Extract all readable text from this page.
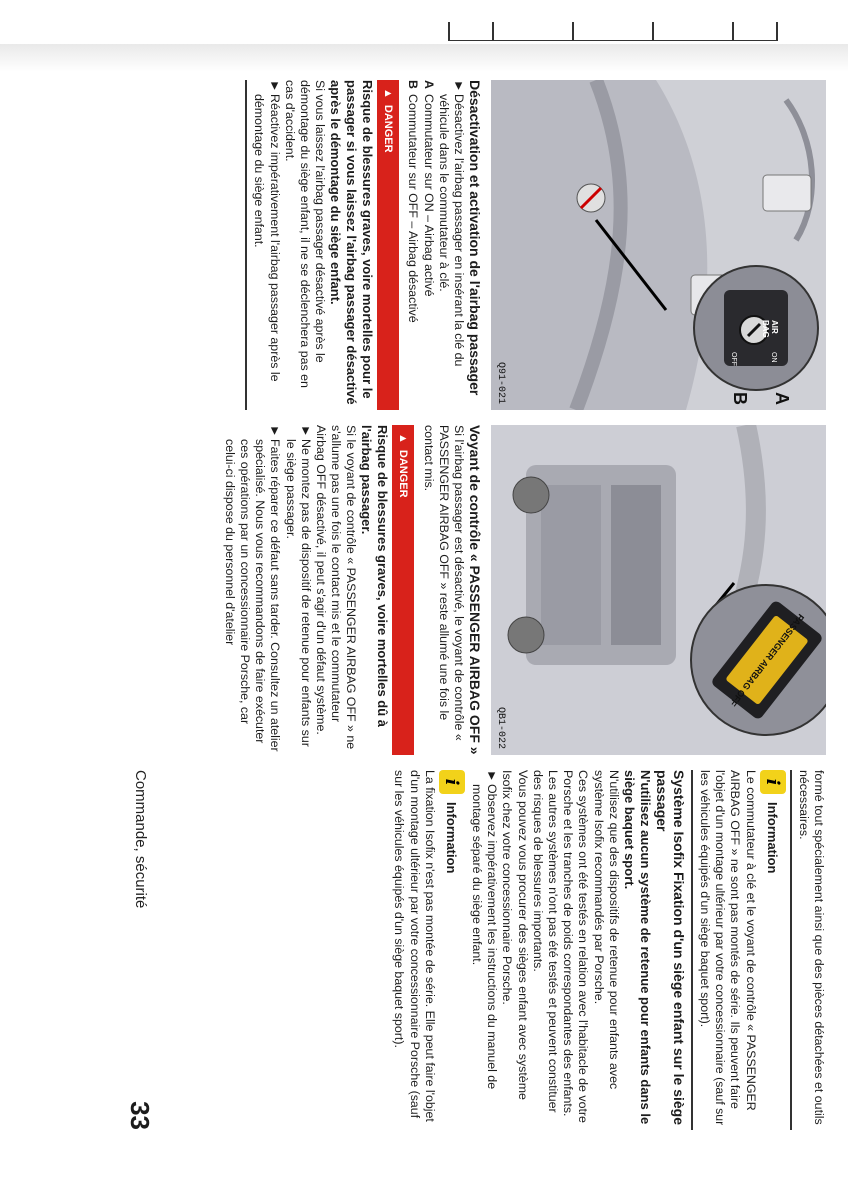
AIR
BAG
ON
OFF
A
B
Q91-021

Désactivation et activation de l'airbag passager

►
Désactivez l'airbag passager en insérant la clé du véhicule dans le commutateur à clé.
A
Commutateur sur ON – Airbag activé
B
Commutateur sur OFF – Airbag désactivé
▲DANGER

Risque de blessures graves, voire mortelles pour le passager si vous laissez l'airbag passager désactivé après le démontage du siège enfant.

Si vous laissez l'airbag passager désactivé après le démontage du siège enfant, il ne se déclenchera pas en cas d'accident.

►
Réactivez impérativement l'airbag passager après le démontage du siège enfant.
PASSENGER AIRBAG OFF
QB1-022

Voyant de contrôle « PASSENGER AIRBAG OFF »

Si l'airbag passager est désactivé, le voyant de contrôle « PASSENGER AIRBAG OFF » reste allumé une fois le contact mis.

▲DANGER

Risque de blessures graves, voire mortelles dû à l'airbag passager.

Si le voyant de contrôle « PASSENGER AIRBAG OFF » ne s'allume pas une fois le contact mis et le commutateur Airbag OFF désactivé, il peut s'agir d'un défaut système.

►
Ne montez pas de dispositif de retenue pour enfants sur le siège passager.
►
Faites réparer ce défaut sans tarder. Consultez un atelier spécialisé. Nous vous recommandons de faire exécuter ces opérations par un concessionnaire Porsche, car celui-ci dispose du personnel d'atelier

formé tout spécialement ainsi que des pièces détachées et outils nécessaires.

i
Information

Le commutateur à clé et le voyant de contrôle « PASSENGER AIRBAG OFF » ne sont pas montés de série. Ils peuvent faire l'objet d'un montage ultérieur par votre concessionnaire (sauf sur les véhicules équipés d'un siège baquet sport).

Système Isofix Fixation d'un siège enfant sur le siège passager

N'utilisez aucun système de retenue pour enfants dans le siège baquet sport.

N'utilisez que des dispositifs de retenue pour enfants avec système Isofix recommandés par Porsche.

Ces systèmes ont été testés en relation avec l'habitacle de votre Porsche et les tranches de poids correspondantes des enfants.

Les autres systèmes n'ont pas été testés et peuvent constituer des risques de blessures importants.

Vous pouvez vous procurer des sièges enfant avec système Isofix chez votre concessionnaire Porsche.

►
Observez impérativement les instructions du manuel de montage séparé du siège enfant.
i
Information

La fixation Isofix n'est pas montée de série. Elle peut faire l'objet d'un montage ultérieur par votre concessionnaire Porsche (sauf sur les véhicules équipés d'un siège baquet sport).

Commande, sécurité
33
